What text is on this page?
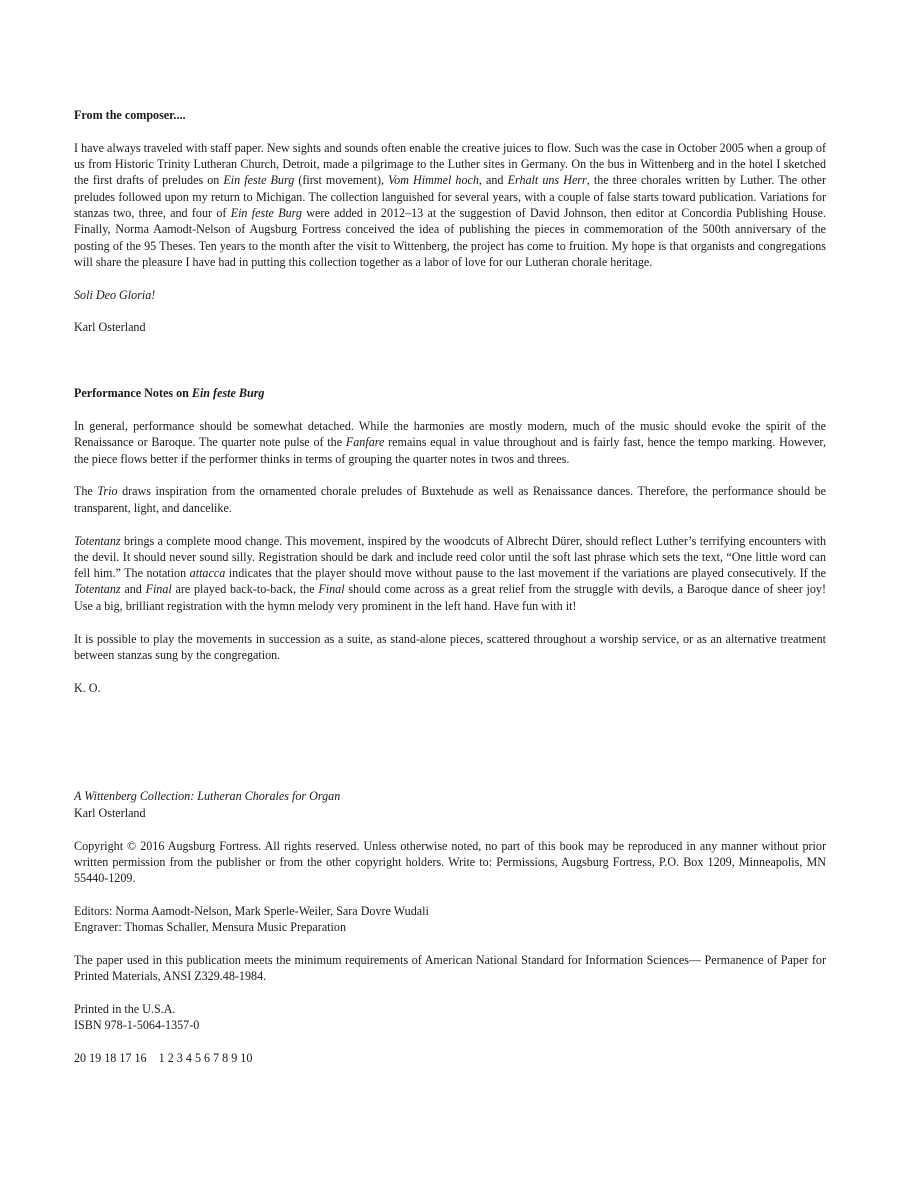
From the composer....

I have always traveled with staff paper. New sights and sounds often enable the creative juices to flow. Such was the case in October 2005 when a group of us from Historic Trinity Lutheran Church, Detroit, made a pilgrimage to the Luther sites in Germany. On the bus in Wittenberg and in the hotel I sketched the first drafts of preludes on Ein feste Burg (first movement), Vom Himmel hoch, and Erhalt uns Herr, the three chorales written by Luther. The other preludes followed upon my return to Michigan. The collection languished for several years, with a couple of false starts toward publication. Variations for stanzas two, three, and four of Ein feste Burg were added in 2012–13 at the suggestion of David Johnson, then editor at Concordia Publishing House. Finally, Norma Aamodt-Nelson of Augsburg Fortress conceived the idea of publishing the pieces in commemoration of the 500th anniversary of the posting of the 95 Theses. Ten years to the month after the visit to Wittenberg, the project has come to fruition. My hope is that organists and congregations will share the pleasure I have had in putting this collection together as a labor of love for our Lutheran chorale heritage.

Soli Deo Gloria!

Karl Osterland

Performance Notes on Ein feste Burg

In general, performance should be somewhat detached. While the harmonies are mostly modern, much of the music should evoke the spirit of the Renaissance or Baroque. The quarter note pulse of the Fanfare remains equal in value throughout and is fairly fast, hence the tempo marking. However, the piece flows better if the performer thinks in terms of grouping the quarter notes in twos and threes.

The Trio draws inspiration from the ornamented chorale preludes of Buxtehude as well as Renaissance dances. Therefore, the performance should be transparent, light, and dancelike.

Totentanz brings a complete mood change. This movement, inspired by the woodcuts of Albrecht Dürer, should reflect Luther’s terrifying encounters with the devil. It should never sound silly. Registration should be dark and include reed color until the soft last phrase which sets the text, “One little word can fell him.” The notation attacca indicates that the player should move without pause to the last movement if the variations are played consecutively. If the Totentanz and Final are played back-to-back, the Final should come across as a great relief from the struggle with devils, a Baroque dance of sheer joy! Use a big, brilliant registration with the hymn melody very prominent in the left hand. Have fun with it!

It is possible to play the movements in succession as a suite, as stand-alone pieces, scattered throughout a worship service, or as an alternative treatment between stanzas sung by the congregation.

K. O.

A Wittenberg Collection: Lutheran Chorales for Organ

Karl Osterland

Copyright © 2016 Augsburg Fortress. All rights reserved. Unless otherwise noted, no part of this book may be reproduced in any manner without prior written permission from the publisher or from the other copyright holders. Write to: Permissions, Augsburg Fortress, P.O. Box 1209, Minneapolis, MN 55440-1209.

Editors: Norma Aamodt-Nelson, Mark Sperle-Weiler, Sara Dovre Wudali

Engraver: Thomas Schaller, Mensura Music Preparation

The paper used in this publication meets the minimum requirements of American National Standard for Information Sciences— Permanence of Paper for Printed Materials, ANSI Z329.48-1984.

Printed in the U.S.A.

ISBN 978-1-5064-1357-0

20 19 18 17 16    1 2 3 4 5 6 7 8 9 10
